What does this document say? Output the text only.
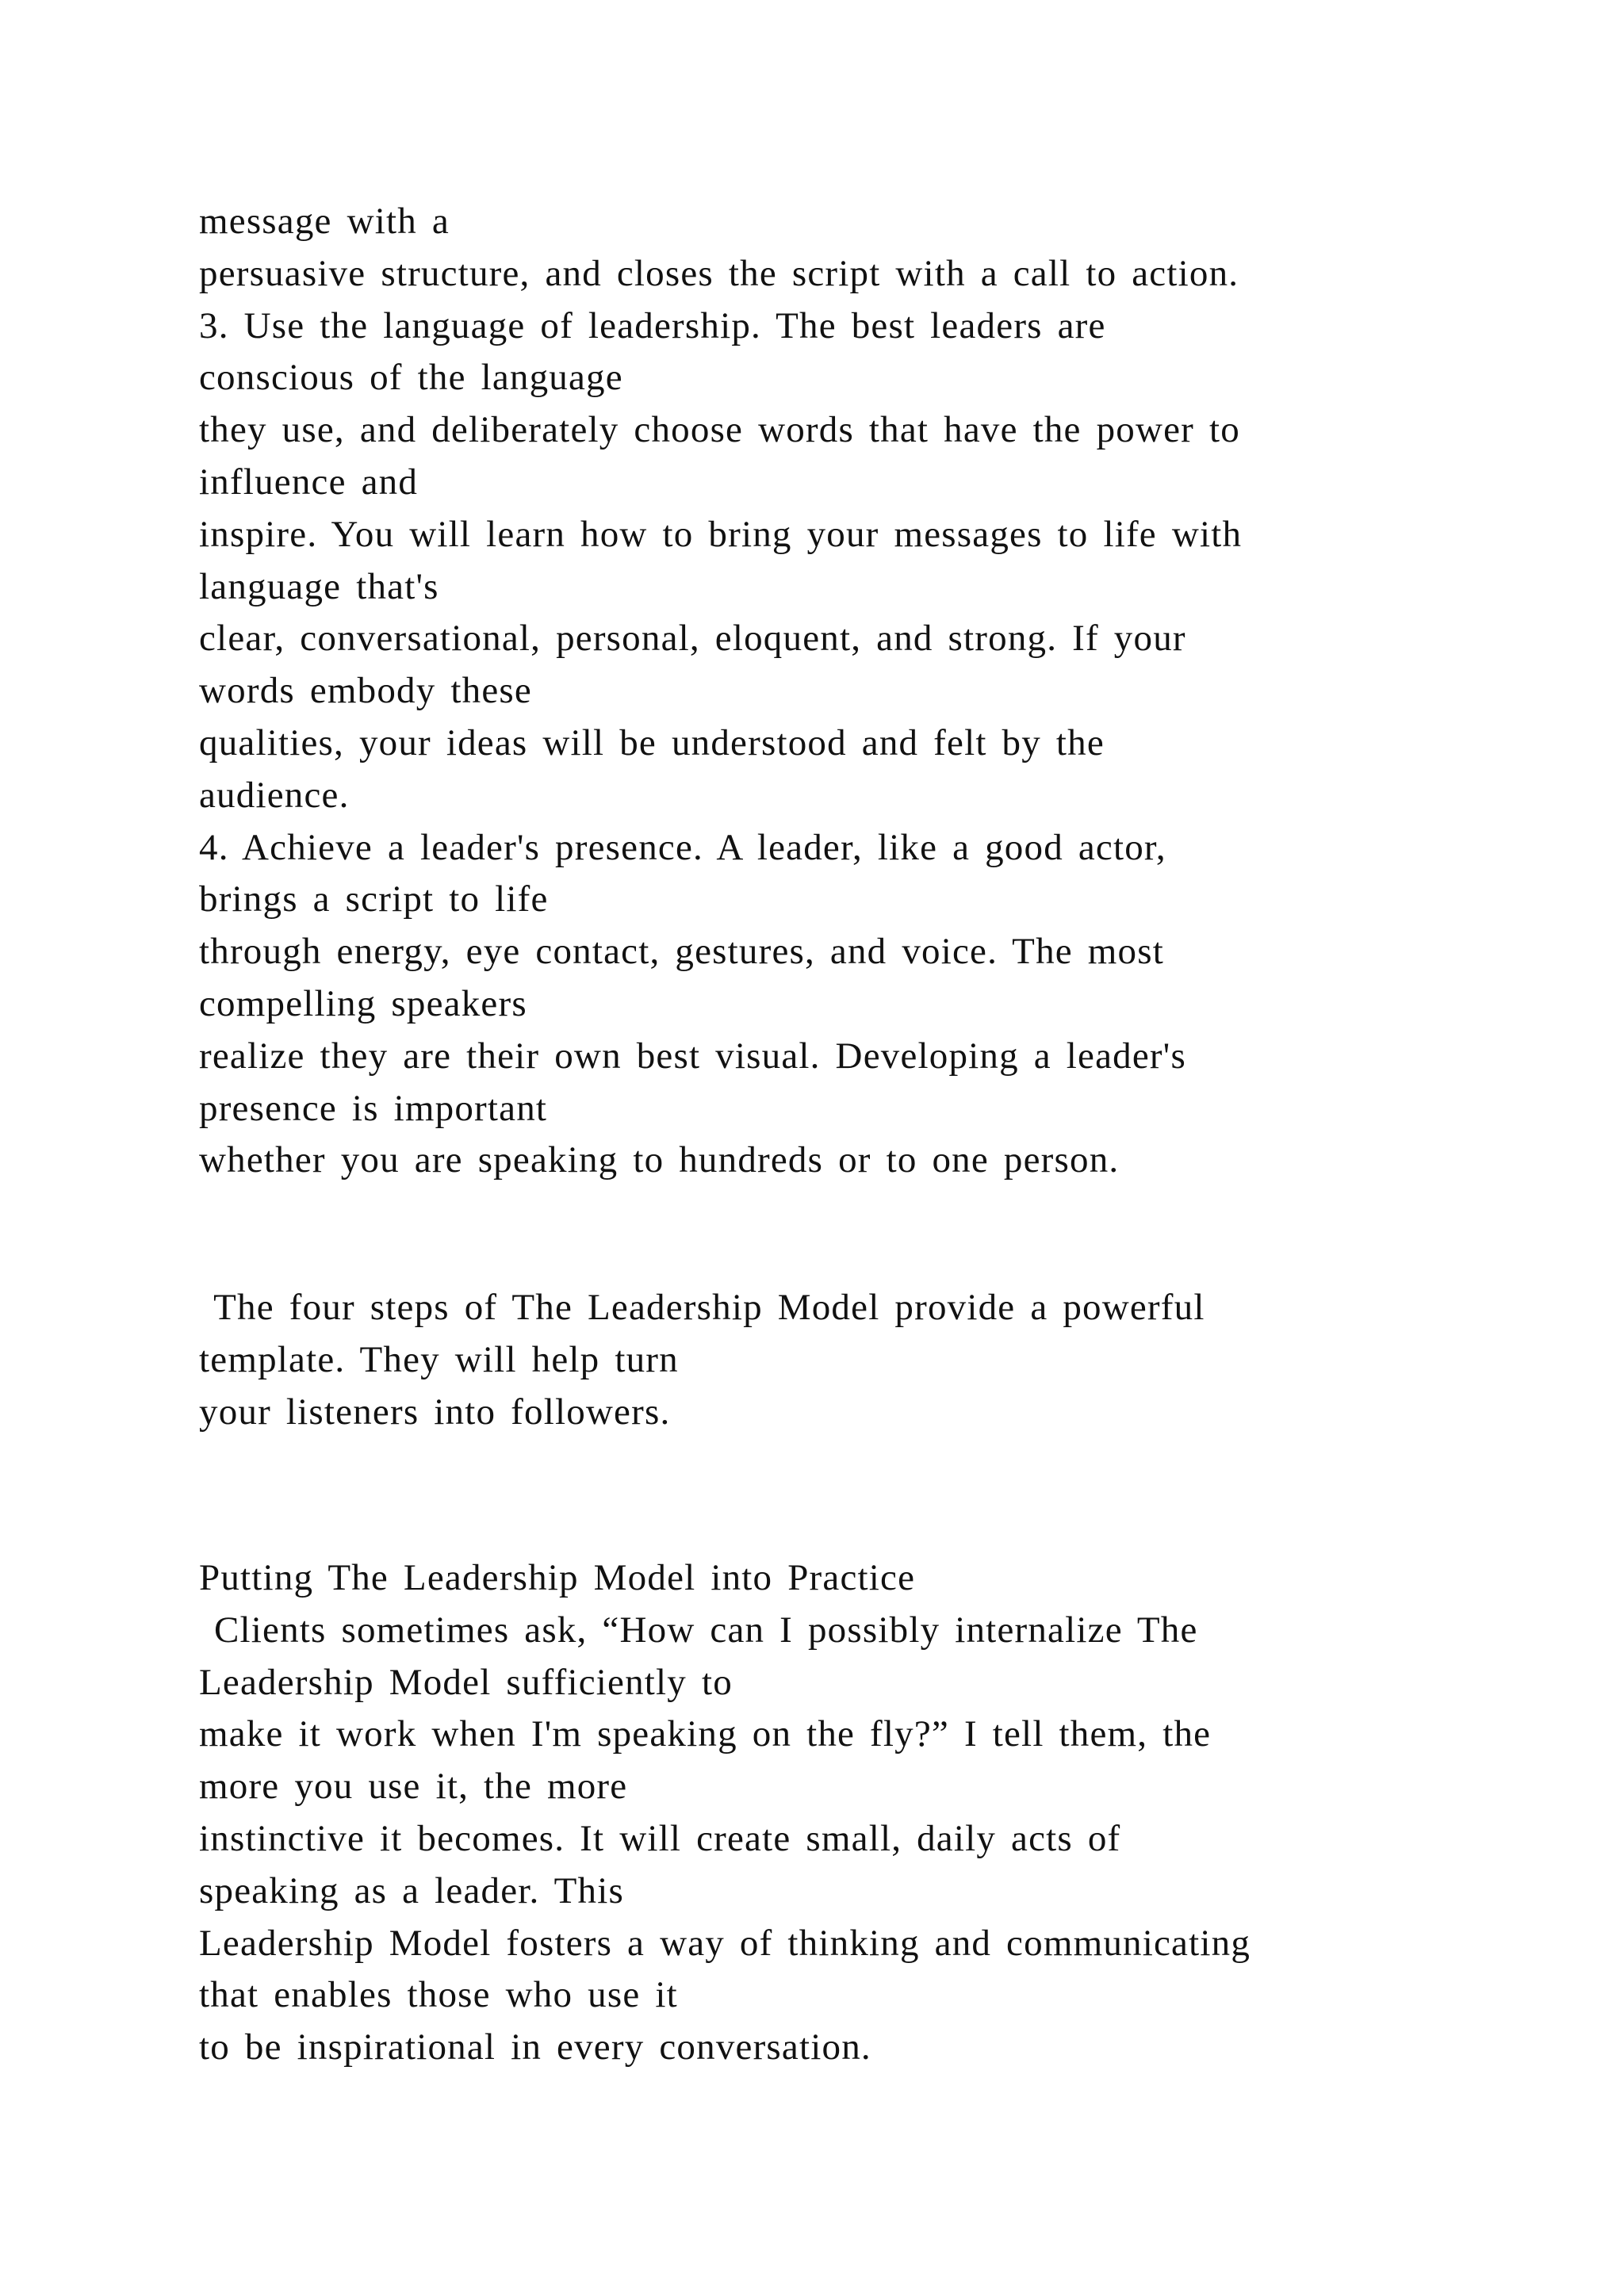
message with a
persuasive structure, and closes the script with a call to action.
3. Use the language of leadership. The best leaders are
conscious of the language
they use, and deliberately choose words that have the power to
influence and
inspire. You will learn how to bring your messages to life with
language that's
clear, conversational, personal, eloquent, and strong. If your
words embody these
qualities, your ideas will be understood and felt by the
audience.
4. Achieve a leader's presence. A leader, like a good actor,
brings a script to life
through energy, eye contact, gestures, and voice. The most
compelling speakers
realize they are their own best visual. Developing a leader's
presence is important
whether you are speaking to hundreds or to one person.
The four steps of The Leadership Model provide a powerful
template. They will help turn
your listeners into followers.
Putting The Leadership Model into Practice
Clients sometimes ask, “How can I possibly internalize The
Leadership Model sufficiently to
make it work when I'm speaking on the fly?” I tell them, the
more you use it, the more
instinctive it becomes. It will create small, daily acts of
speaking as a leader. This
Leadership Model fosters a way of thinking and communicating
that enables those who use it
to be inspirational in every conversation.
